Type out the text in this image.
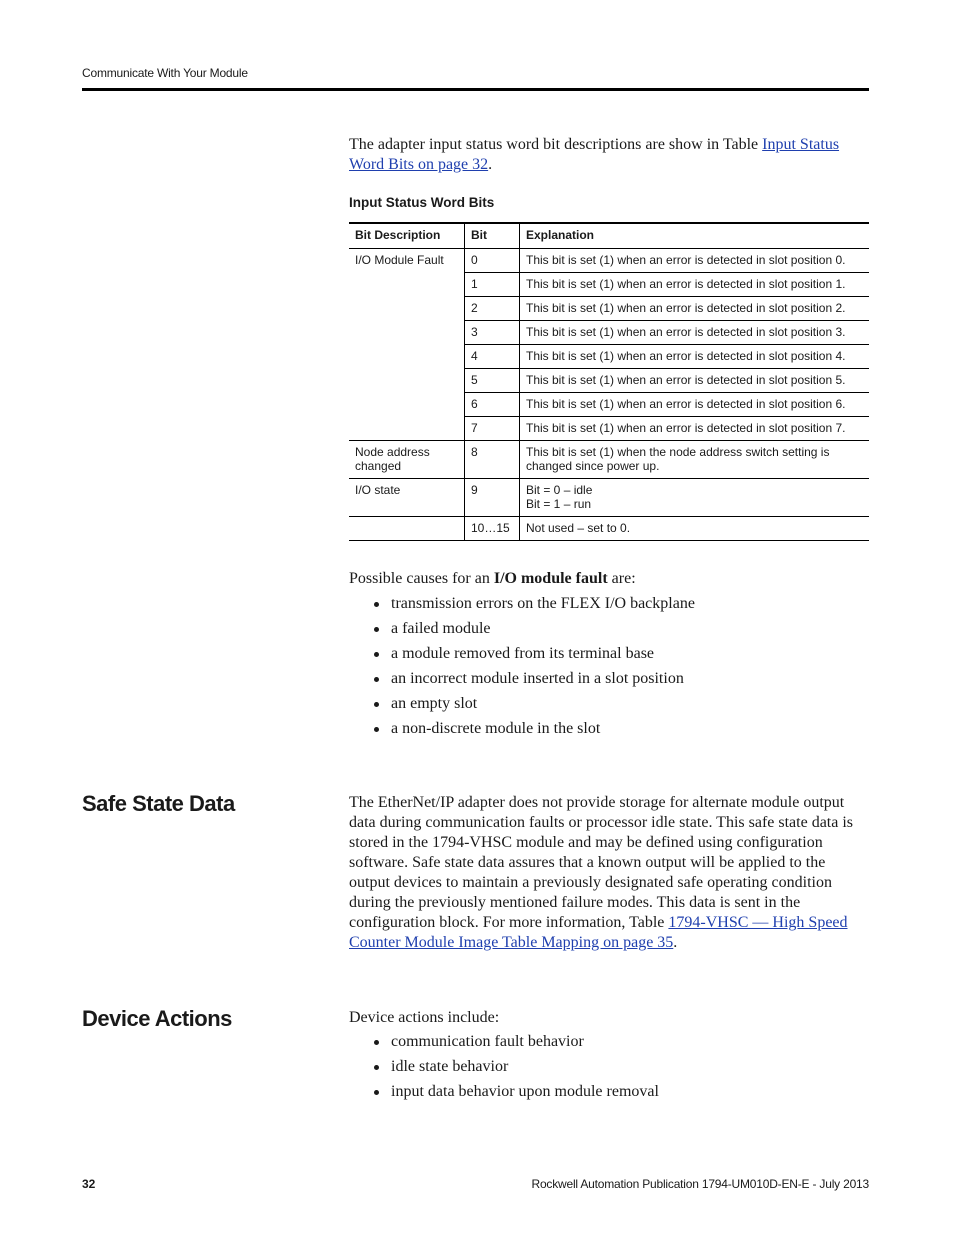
Communicate With Your Module

The adapter input status word bit descriptions are show in Table Input Status Word Bits on page 32.

Input Status Word Bits
Bit Description	Bit	Explanation
I/O Module Fault	0	This bit is set (1) when an error is detected in slot position 0.
	1	This bit is set (1) when an error is detected in slot position 1.
	2	This bit is set (1) when an error is detected in slot position 2.
	3	This bit is set (1) when an error is detected in slot position 3.
	4	This bit is set (1) when an error is detected in slot position 4.
	5	This bit is set (1) when an error is detected in slot position 5.
	6	This bit is set (1) when an error is detected in slot position 6.
	7	This bit is set (1) when an error is detected in slot position 7.
Node address changed	8	This bit is set (1) when the node address switch setting is changed since power up.
I/O state	9	Bit = 0 – idle
Bit = 1 – run

	10…15	Not used – set to 0.

Possible causes for an I/O module fault are:

transmission errors on the FLEX I/O backplane
a failed module
a module removed from its terminal base
an incorrect module inserted in a slot position
an empty slot
a non-discrete module in the slot
Safe State Data	The EtherNet/IP adapter does not provide storage for alternate module output data during communication faults or processor idle state. This safe state data is stored in the 1794-VHSC module and may be defined using configuration software. Safe state data assures that a known output will be applied to the output devices to maintain a previously designated safe operating condition during the previously mentioned failure modes. This data is sent in the configuration block. For more information, Table 1794-VHSC — High Speed Counter Module Image Table Mapping on page 35.

Device Actions	Device actions include:

communication fault behavior
idle state behavior
input data behavior upon module removal
32	Rockwell Automation Publication 1794-UM010D-EN-E - July 2013
